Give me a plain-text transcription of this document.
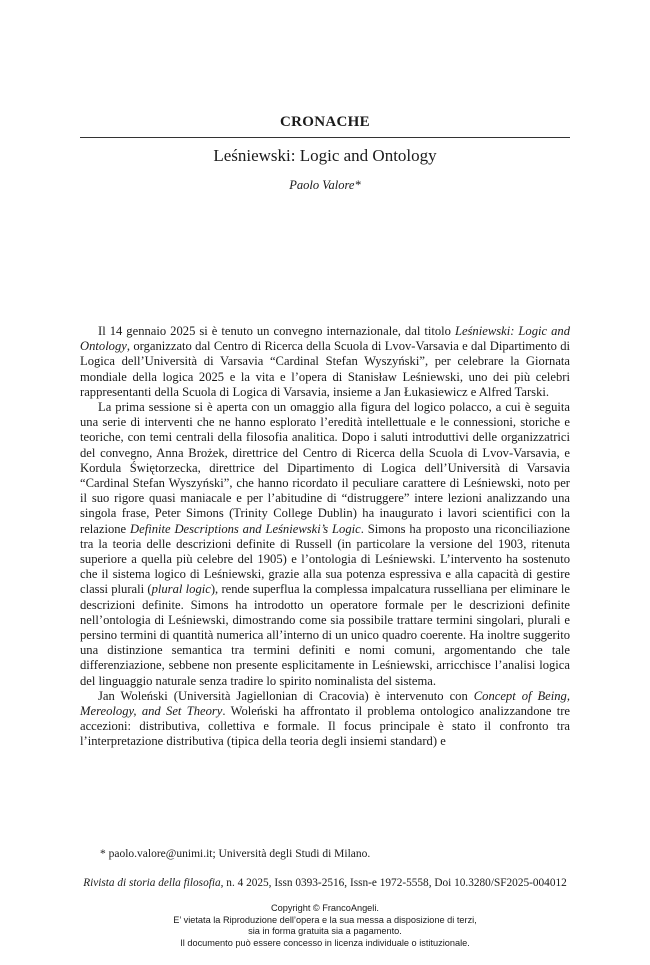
CRONACHE
Leśniewski: Logic and Ontology
Paolo Valore*

Il 14 gennaio 2025 si è tenuto un convegno internazionale, dal titolo Leśniewski: Logic and Ontology, organizzato dal Centro di Ricerca della Scuola di Lvov-Varsavia e dal Dipartimento di Logica dell’Università di Varsavia “Cardinal Stefan Wyszyński”, per celebrare la Giornata mondiale della logica 2025 e la vita e l’opera di Stanisław Leśniewski, uno dei più celebri rappresentanti della Scuola di Logica di Varsavia, insieme a Jan Łukasiewicz e Alfred Tarski.

La prima sessione si è aperta con un omaggio alla figura del logico polacco, a cui è seguita una serie di interventi che ne hanno esplorato l’eredità intellettuale e le connessioni, storiche e teoriche, con temi centrali della filosofia analitica. Dopo i saluti introduttivi delle organizzatrici del convegno, Anna Brożek, direttrice del Centro di Ricerca della Scuola di Lvov-Varsavia, e Kordula Świętorzecka, direttrice del Dipartimento di Logica dell’Università di Varsavia “Cardinal Stefan Wyszyński”, che hanno ricordato il peculiare carattere di Leśniewski, noto per il suo rigore quasi maniacale e per l’abitudine di “distruggere” intere lezioni analizzando una singola frase, Peter Simons (Trinity College Dublin) ha inaugurato i lavori scientifici con la relazione Definite Descriptions and Leśniewski’s Logic. Simons ha proposto una riconciliazione tra la teoria delle descrizioni definite di Russell (in particolare la versione del 1903, ritenuta superiore a quella più celebre del 1905) e l’ontologia di Leśniewski. L’intervento ha sostenuto che il sistema logico di Leśniewski, grazie alla sua potenza espressiva e alla capacità di gestire classi plurali (plural logic), rende superflua la complessa impalcatura russelliana per eliminare le descrizioni definite. Simons ha introdotto un operatore formale per le descrizioni definite nell’ontologia di Leśniewski, dimostrando come sia possibile trattare termini singolari, plurali e persino termini di quantità numerica all’interno di un unico quadro coerente. Ha inoltre suggerito una distinzione semantica tra termini definiti e nomi comuni, argomentando che tale differenziazione, sebbene non presente esplicitamente in Leśniewski, arricchisce l’analisi logica del linguaggio naturale senza tradire lo spirito nominalista del sistema.

Jan Woleński (Università Jagiellonian di Cracovia) è intervenuto con Concept of Being, Mereology, and Set Theory. Woleński ha affrontato il problema ontologico analizzandone tre accezioni: distributiva, collettiva e formale. Il focus principale è stato il confronto tra l’interpretazione distributiva (tipica della teoria degli insiemi standard) e

* paolo.valore@unimi.it; Università degli Studi di Milano.
Rivista di storia della filosofia, n. 4 2025, Issn 0393-2516, Issn-e 1972-5558, Doi 10.3280/SF2025-004012
Copyright © FrancoAngeli.
E’ vietata la Riproduzione dell’opera e la sua messa a disposizione di terzi,
sia in forma gratuita sia a pagamento.
Il documento può essere concesso in licenza individuale o istituzionale.
